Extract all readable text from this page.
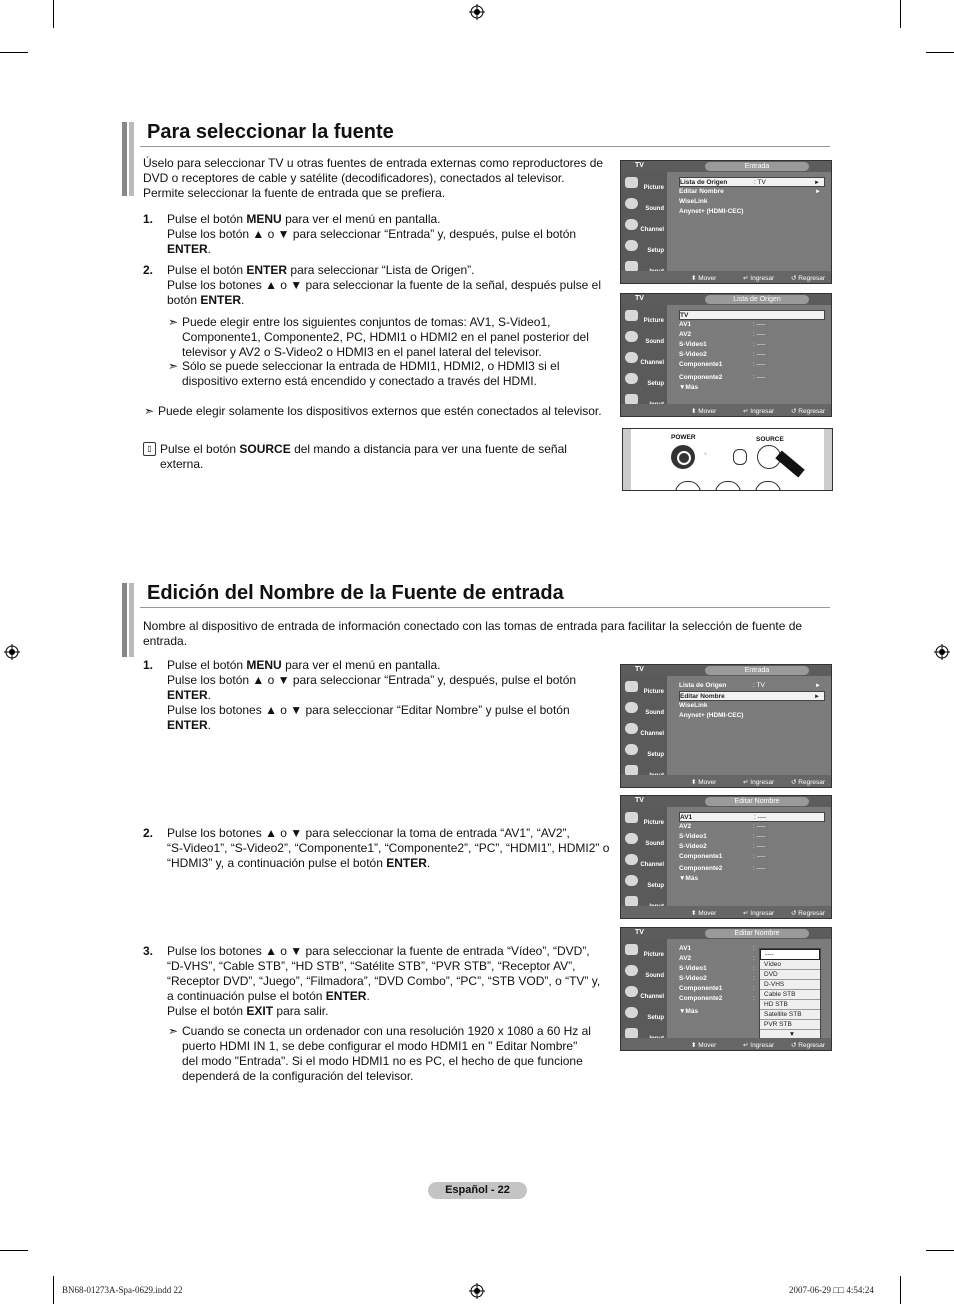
Para seleccionar la fuente
Úselo para seleccionar TV u otras fuentes de entrada externas como reproductores de DVD o receptores de cable y satélite (decodificadores), conectados al televisor. Permite seleccionar la fuente de entrada que se prefiera.
1. Pulse el botón MENU para ver el menú en pantalla.
Pulse los botón ▲ o ▼ para seleccionar “Entrada” y, después, pulse el botón
ENTER.
2. Pulse el botón ENTER para seleccionar “Lista de Origen”.
Pulse los botones ▲ o ▼ para seleccionar la fuente de la señal, después pulse el
botón ENTER.
➣ Puede elegir entre los siguientes conjuntos de tomas: AV1, S-Video1, Componente1, Componente2, PC, HDMI1 o HDMI2 en el panel posterior del televisor y AV2 o S-Video2 o HDMI3 en el panel lateral del televisor.
➣ Sólo se puede seleccionar la entrada de HDMI1, HDMI2, o HDMI3 si el dispositivo externo está encendido y conectado a través del HDMI.
➣ Puede elegir solamente los dispositivos externos que estén conectados al televisor.
▯ Pulse el botón SOURCE del mando a distancia para ver una fuente de señal
externa.
TV	Entrada
Picture
Sound
Channel
Setup
Lista de Origen	: TV	►
Editar Nombre	►
WiseLink
Anynet+ (HDMI-CEC)
⬍ Mover	↵ Ingresar	↺ Regresar
TV	Lista de Origen
Picture
Sound
Channel
Setup
TV
AV1	: ----
AV2	: ----
S-Video1	: ----
S-Video2	: ----
Componente1	: ----
Componente2	: ----
▼Más
⬍ Mover	↵ Ingresar	↺ Regresar
POWER
⁘
SOURCE
Edición del Nombre de la Fuente de entrada
Nombre al dispositivo de entrada de información conectado con las tomas de entrada para facilitar la selección de fuente de entrada.
1. Pulse el botón MENU para ver el menú en pantalla.
Pulse los botón ▲ o ▼ para seleccionar “Entrada” y, después, pulse el botón
ENTER.
Pulse los botones ▲ o ▼ para seleccionar “Editar Nombre” y pulse el botón
ENTER.
2. Pulse los botones ▲ o ▼ para seleccionar la toma de entrada “AV1”, “AV2”,
“S-Video1”, “S-Video2”, “Componente1”, “Componente2”, “PC”, “HDMI1”, HDMI2” o
“HDMI3” y, a continuación pulse el botón ENTER.
3. Pulse los botones ▲ o ▼ para seleccionar la fuente de entrada “Vídeo”, “DVD”,
“D-VHS”, “Cable STB”, “HD STB”, “Satélite STB”, “PVR STB”, “Receptor AV”,
“Receptor DVD”, “Juego”, “Filmadora”, “DVD Combo”, “PC”, “STB VOD”, o “TV” y,
a continuación pulse el botón ENTER.
Pulse el botón EXIT para salir.
➣ Cuando se conecta un ordenador con una resolución 1920 x 1080 a 60 Hz al puerto HDMI IN 1, se debe configurar el modo HDMI1 en " Editar Nombre" del modo "Entrada". Si el modo HDMI1 no es PC, el hecho de que funcione dependerá de la configuración del televisor.
TV	Entrada
Picture
Sound
Channel
Setup
Lista de Origen	: TV	►
Editar Nombre	►
WiseLink
Anynet+ (HDMI-CEC)
⬍ Mover	↵ Ingresar	↺ Regresar
TV	Editar Nombre
Picture
Sound
Channel
Setup
AV1	: ----
AV2	: ----
S-Video1	: ----
S-Video2	: ----
Componente1	: ----
Componente2	: ----
▼Más
⬍ Mover	↵ Ingresar	↺ Regresar
TV	Editar Nombre
Picture
Sound
Channel
Setup
AV1	:
AV2	:
S-Video1	:
S-Video2	:
Componente1	:
Componente2	:
▼Más
----
Vídeo
DVD
D-VHS
Cable STB
HD STB
Satellite STB
PVR STB
▼
⬍ Mover	↵ Ingresar	↺ Regresar
Español - 22
BN68-01273A-Spa-0629.indd 22	2007-06-29 □□ 4:54:24
